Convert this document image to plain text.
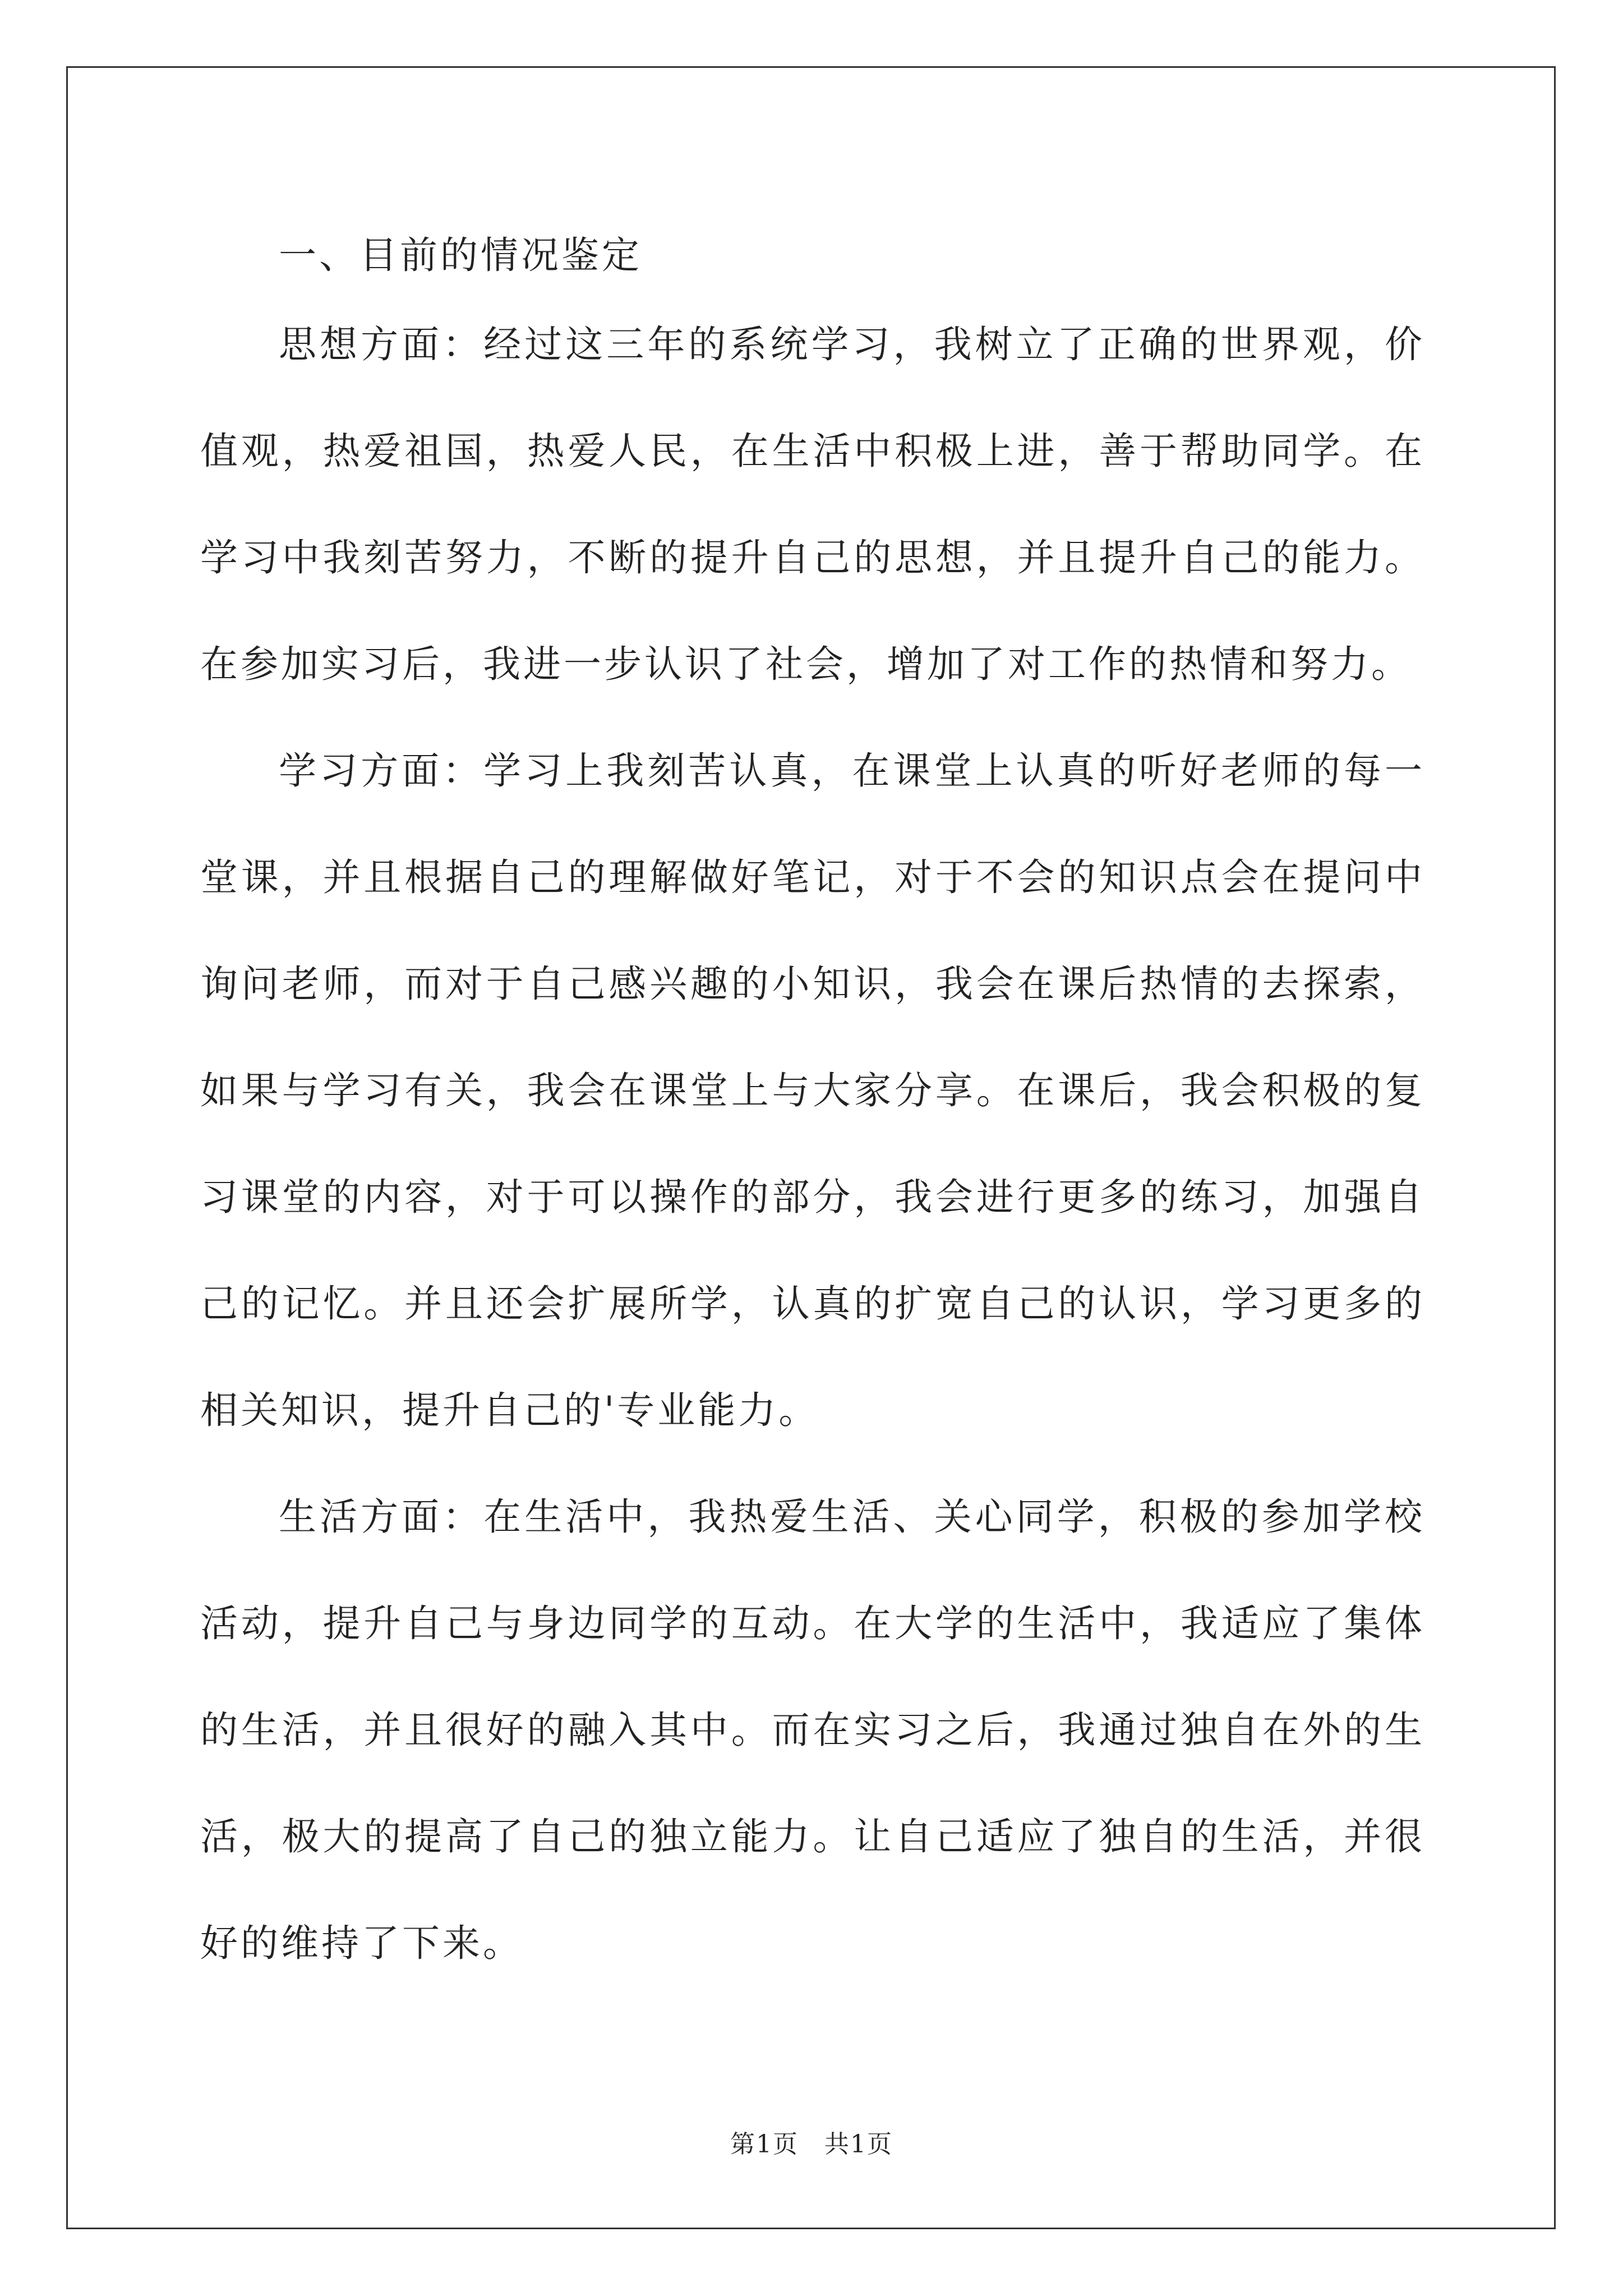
一、目前的情况鉴定

思想方面：经过这三年的系统学习，我树立了正确的世界观，价值观，热爱祖国，热爱人民，在生活中积极上进，善于帮助同学。在学习中我刻苦努力，不断的提升自己的思想，并且提升自己的能力。在参加实习后，我进一步认识了社会，增加了对工作的热情和努力。

学习方面：学习上我刻苦认真，在课堂上认真的听好老师的每一堂课，并且根据自己的理解做好笔记，对于不会的知识点会在提问中询问老师，而对于自己感兴趣的小知识，我会在课后热情的去探索，如果与学习有关，我会在课堂上与大家分享。在课后，我会积极的复习课堂的内容，对于可以操作的部分，我会进行更多的练习，加强自己的记忆。并且还会扩展所学，认真的扩宽自己的认识，学习更多的相关知识，提升自己的'专业能力。

生活方面：在生活中，我热爱生活、关心同学，积极的参加学校活动，提升自己与身边同学的互动。在大学的生活中，我适应了集体的生活，并且很好的融入其中。而在实习之后，我通过独自在外的生活，极大的提高了自己的独立能力。让自己适应了独自的生活，并很好的维持了下来。

第1页　共1页
